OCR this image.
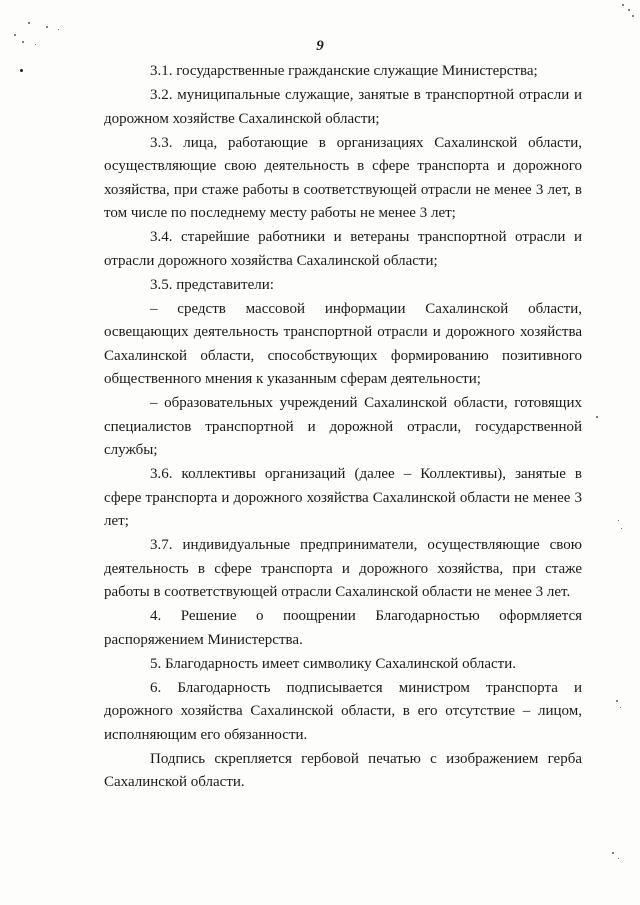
9

3.1. государственные гражданские служащие Министерства;

3.2. муниципальные служащие, занятые в транспортной отрасли и дорожном хозяйстве Сахалинской области;

3.3. лица, работающие в организациях Сахалинской области, осуществляющие свою деятельность в сфере транспорта и дорожного хозяйства, при стаже работы в соответствующей отрасли не менее 3 лет, в том числе по последнему месту работы не менее 3 лет;

3.4. старейшие работники и ветераны транспортной отрасли и отрасли дорожного хозяйства Сахалинской области;

3.5. представители:

– средств массовой информации Сахалинской области, освещающих деятельность транспортной отрасли и дорожного хозяйства Сахалинской области, способствующих формированию позитивного общественного мнения к указанным сферам деятельности;

– образовательных учреждений Сахалинской области, готовящих специалистов транспортной и дорожной отрасли, государственной службы;

3.6. коллективы организаций (далее – Коллективы), занятые в сфере транспорта и дорожного хозяйства Сахалинской области не менее 3 лет;

3.7. индивидуальные предприниматели, осуществляющие свою деятельность в сфере транспорта и дорожного хозяйства, при стаже работы в соответствующей отрасли Сахалинской области не менее 3 лет.

4. Решение о поощрении Благодарностью оформляется распоряжением Министерства.

5. Благодарность имеет символику Сахалинской области.

6. Благодарность подписывается министром транспорта и дорожного хозяйства Сахалинской области, в его отсутствие – лицом, исполняющим его обязанности.

Подпись скрепляется гербовой печатью с изображением герба Сахалинской области.
